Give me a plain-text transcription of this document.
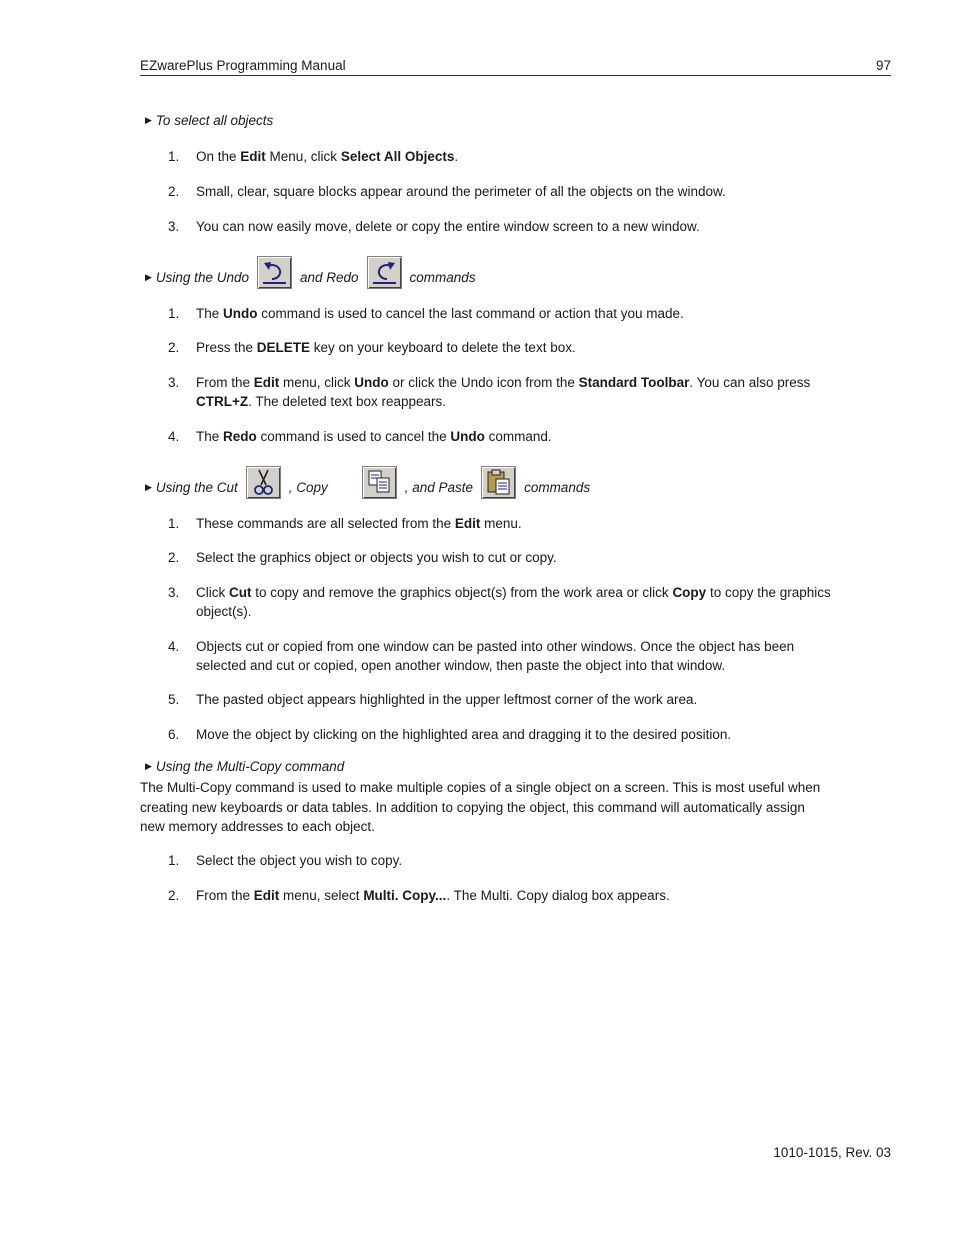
EZwarePlus Programming Manual	97
▶ To select all objects
1. On the Edit Menu, click Select All Objects.
2. Small, clear, square blocks appear around the perimeter of all the objects on the window.
3. You can now easily move, delete or copy the entire window screen to a new window.
▶ Using the Undo	and Redo	commands
1. The Undo command is used to cancel the last command or action that you made.
2. Press the DELETE key on your keyboard to delete the text box.
3. From the Edit menu, click Undo or click the Undo icon from the Standard Toolbar. You can also press CTRL+Z. The deleted text box reappears.
4. The Redo command is used to cancel the Undo command.
▶ Using the Cut	, Copy	, and Paste	commands
1. These commands are all selected from the Edit menu.
2. Select the graphics object or objects you wish to cut or copy.
3. Click Cut to copy and remove the graphics object(s) from the work area or click Copy to copy the graphics object(s).
4. Objects cut or copied from one window can be pasted into other windows. Once the object has been selected and cut or copied, open another window, then paste the object into that window.
5. The pasted object appears highlighted in the upper leftmost corner of the work area.
6. Move the object by clicking on the highlighted area and dragging it to the desired position.
▶ Using the Multi-Copy command
The Multi-Copy command is used to make multiple copies of a single object on a screen. This is most useful when creating new keyboards or data tables. In addition to copying the object, this command will automatically assign new memory addresses to each object.
1. Select the object you wish to copy.
2. From the Edit menu, select Multi. Copy.... The Multi. Copy dialog box appears.
1010-1015, Rev. 03
